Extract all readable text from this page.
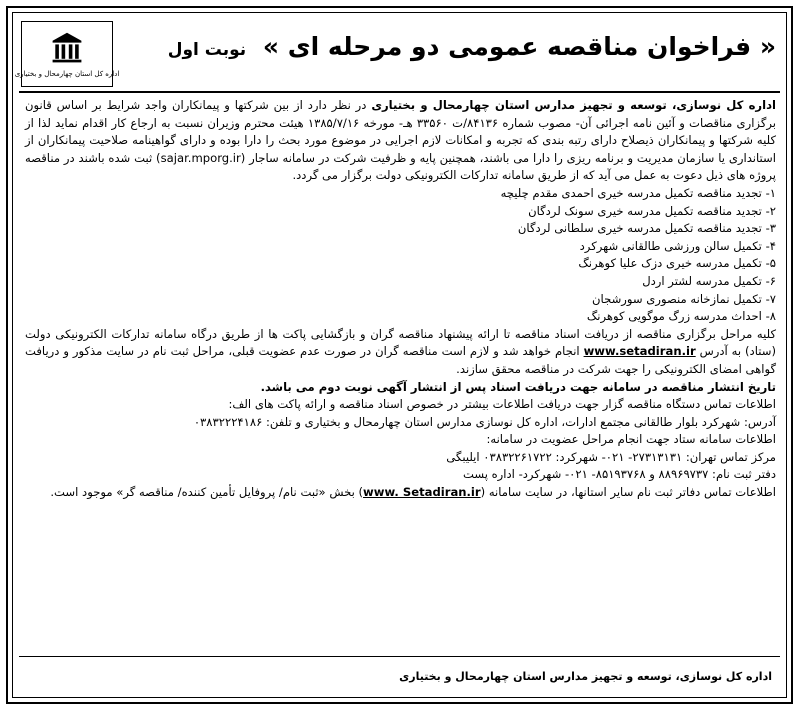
اداره کل استان چهارمحال و بختیاری
« فراخوان مناقصه عمومی دو مرحله ای » نوبت اول

اداره کل نوسازی، توسعه و تجهیز مدارس استان چهارمحال و بختیاری در نظر دارد از بین شرکتها و پیمانکاران واجد شرایط بر اساس قانون برگزاری مناقصات و آئین نامه اجرائی آن- مصوب شماره ۸۴۱۳۶/ت ۳۳۵۶۰ هـ- مورخه ۱۳۸۵/۷/۱۶ هیئت محترم وزیران نسبت به ارجاع کار اقدام نماید لذا از کلیه شرکتها و پیمانکاران ذیصلاح دارای رتبه بندی که تجربه و امکانات لازم اجرایی در موضوع مورد بحث را دارا بوده و دارای گواهینامه صلاحیت پیمانکاران از استانداری یا سازمان مدیریت و برنامه ریزی را دارا می باشند، همچنین پایه و ظرفیت شرکت در سامانه ساجار (sajar.mporg.ir) ثبت شده باشند در مناقصه پروژه های ذیل دعوت به عمل می آید که از طریق سامانه تدارکات الکترونیکی دولت برگزار می گردد.

۱- تجدید مناقصه تکمیل مدرسه خیری احمدی مقدم چلیچه
۲- تجدید مناقصه تکمیل مدرسه خیری سونک لردگان
۳- تجدید مناقصه تکمیل مدرسه خیری سلطانی لردگان
۴- تکمیل سالن ورزشی طالقانی شهرکرد
۵- تکمیل مدرسه خیری دزک علیا کوهرنگ
۶- تکمیل مدرسه لشتر اردل
۷- تکمیل نمازخانه منصوری سورشجان
۸- احداث مدرسه زرگ موگویی کوهرنگ

کلیه مراحل برگزاری مناقصه از دریافت اسناد مناقصه تا ارائه پیشنهاد مناقصه گران و بازگشایی پاکت ها از طریق درگاه سامانه تدارکات الکترونیکی دولت (ستاد) به آدرس www.setadiran.ir انجام خواهد شد و لازم است مناقصه گران در صورت عدم عضویت قبلی، مراحل ثبت نام در سایت مذکور و دریافت گواهی امضای الکترونیکی را جهت شرکت در مناقصه محقق سازند.

تاریخ انتشار مناقصه در سامانه جهت دریافت اسناد پس از انتشار آگهی نوبت دوم می باشد.

اطلاعات تماس دستگاه مناقصه گزار جهت دریافت اطلاعات بیشتر در خصوص اسناد مناقصه و ارائه پاکت های الف:

آدرس: شهرکرد بلوار طالقانی مجتمع ادارات، اداره کل نوسازی مدارس استان چهارمحال و بختیاری و تلفن: ۰۳۸۳۲۲۲۴۱۸۶

اطلاعات سامانه ستاد جهت انجام مراحل عضویت در سامانه:

مرکز تماس تهران: ۲۷۳۱۳۱۳۱- ۰۲۱- شهرکرد: ۰۳۸۳۲۲۶۱۷۲۲ ایلیبگی

دفتر ثبت نام: ۸۸۹۶۹۷۳۷ و ۸۵۱۹۳۷۶۸- ۰۲۱- شهرکرد- اداره پست

اطلاعات تماس دفاتر ثبت نام سایر استانها، در سایت سامانه (www. Setadiran.ir) بخش «ثبت نام/ پروفایل تأمین کننده/ مناقصه گر» موجود است.

اداره کل نوسازی، توسعه و تجهیز مدارس استان چهارمحال و بختیاری
